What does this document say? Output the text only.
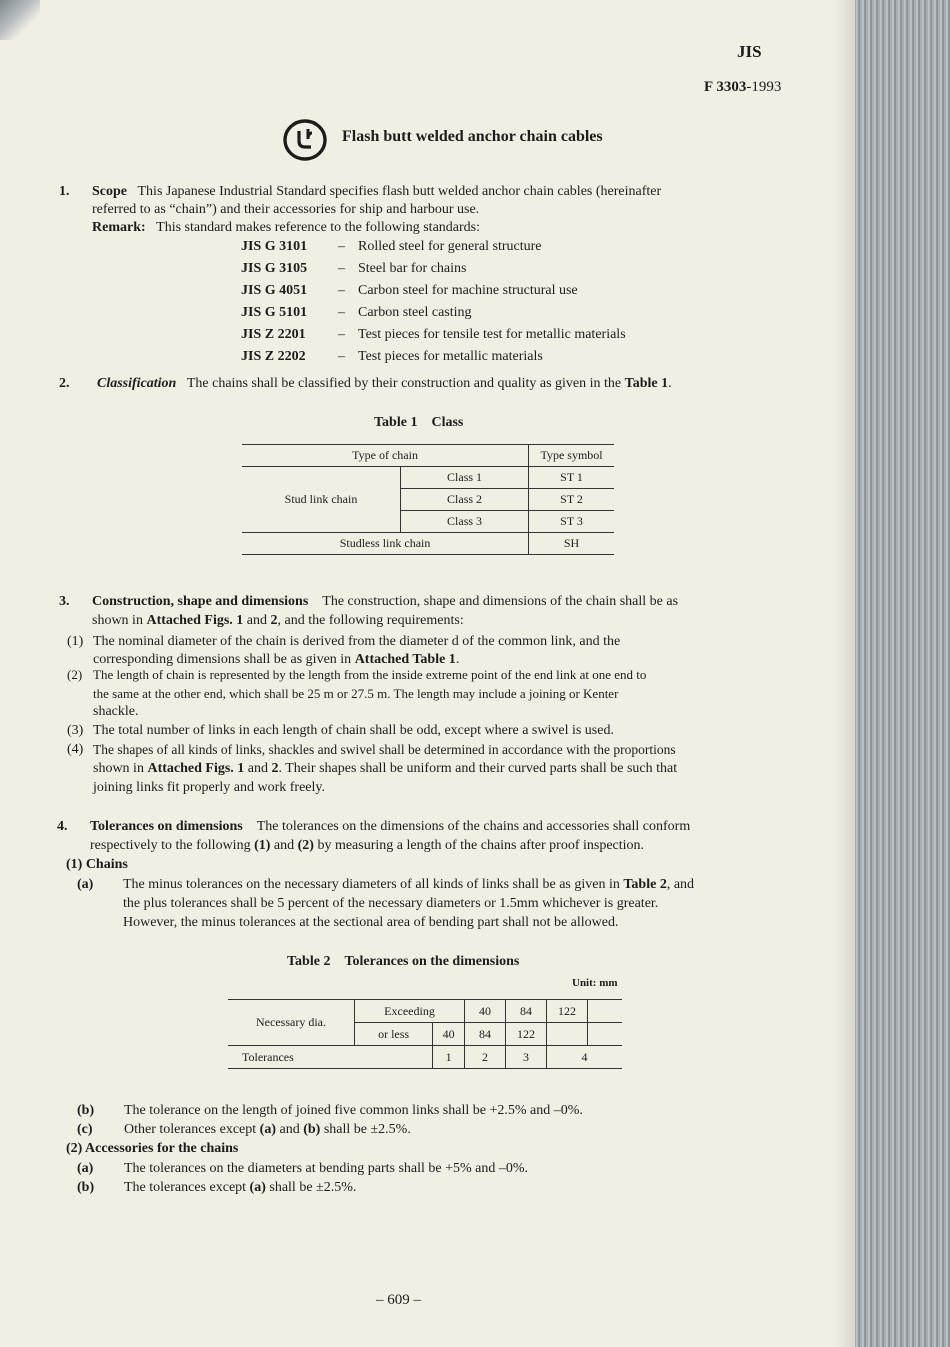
JIS
F 3303-1993
Flash butt welded anchor chain cables
1. Scope This Japanese Industrial Standard specifies flash butt welded anchor chain cables (hereinafter
referred to as “chain”) and their accessories for ship and harbour use.
Remark: This standard makes reference to the following standards:
JIS G 3101	–	Rolled steel for general structure
JIS G 3105	–	Steel bar for chains
JIS G 4051	–	Carbon steel for machine structural use
JIS G 5101	–	Carbon steel casting
JIS Z 2201	–	Test pieces for tensile test for metallic materials
JIS Z 2202	–	Test pieces for metallic materials
2. Classification The chains shall be classified by their construction and quality as given in the Table 1.
Table 1 Class
Type of chain		Type symbol
Stud link chain	Class 1	ST 1
	Class 2	ST 2
	Class 3	ST 3
Studless link chain		SH
3. Construction, shape and dimensions The construction, shape and dimensions of the chain shall be as
shown in Attached Figs. 1 and 2, and the following requirements:
(1) The nominal diameter of the chain is derived from the diameter d of the common link, and the
corresponding dimensions shall be as given in Attached Table 1.
(2) The length of chain is represented by the length from the inside extreme point of the end link at one end to
the same at the other end, which shall be 25 m or 27.5 m. The length may include a joining or Kenter
shackle.
(3) The total number of links in each length of chain shall be odd, except where a swivel is used.
(4) The shapes of all kinds of links, shackles and swivel shall be determined in accordance with the proportions
shown in Attached Figs. 1 and 2. Their shapes shall be uniform and their curved parts shall be such that
joining links fit properly and work freely.
4. Tolerances on dimensions The tolerances on the dimensions of the chains and accessories shall conform
respectively to the following (1) and (2) by measuring a length of the chains after proof inspection.
(1) Chains
(a) The minus tolerances on the necessary diameters of all kinds of links shall be as given in Table 2, and
the plus tolerances shall be 5 percent of the necessary diameters or 1.5mm whichever is greater.
However, the minus tolerances at the sectional area of bending part shall not be allowed.
Table 2 Tolerances on the dimensions
Unit: mm
Necessary dia.	Exceeding		40	84	122	
	or less	40	84	122		
Tolerances		1	2	3	4	
(b) The tolerance on the length of joined five common links shall be +2.5% and –0%.
(c) Other tolerances except (a) and (b) shall be ±2.5%.
(2) Accessories for the chains
(a) The tolerances on the diameters at bending parts shall be +5% and –0%.
(b) The tolerances except (a) shall be ±2.5%.
– 609 –
